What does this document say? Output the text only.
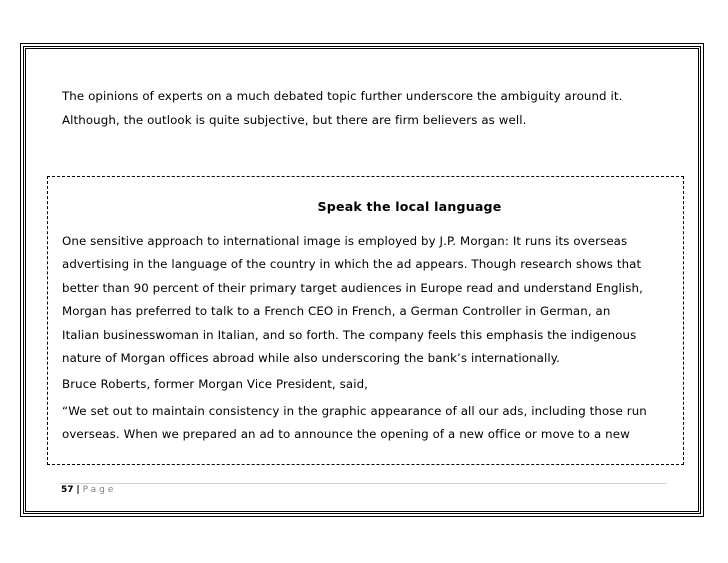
The opinions of experts on a much debated topic further underscore the ambiguity around it.

Although, the outlook is quite subjective, but there are firm believers as well.

Speak the local language

One sensitive approach to international image is employed by J.P. Morgan: It runs its overseas

advertising in the language of the country in which the ad appears. Though research shows that

better than 90 percent of their primary target audiences in Europe read and understand English,

Morgan has preferred to talk to a French CEO in French, a German Controller in German, an

Italian businesswoman in Italian, and so forth. The company feels this emphasis the indigenous

nature of Morgan offices abroad while also underscoring the bank’s internationally.

Bruce Roberts, former Morgan Vice President, said,

“We set out to maintain consistency in the graphic appearance of all our ads, including those run

overseas. When we prepared an ad to announce the opening of a new office or move to a new

57 | Page
